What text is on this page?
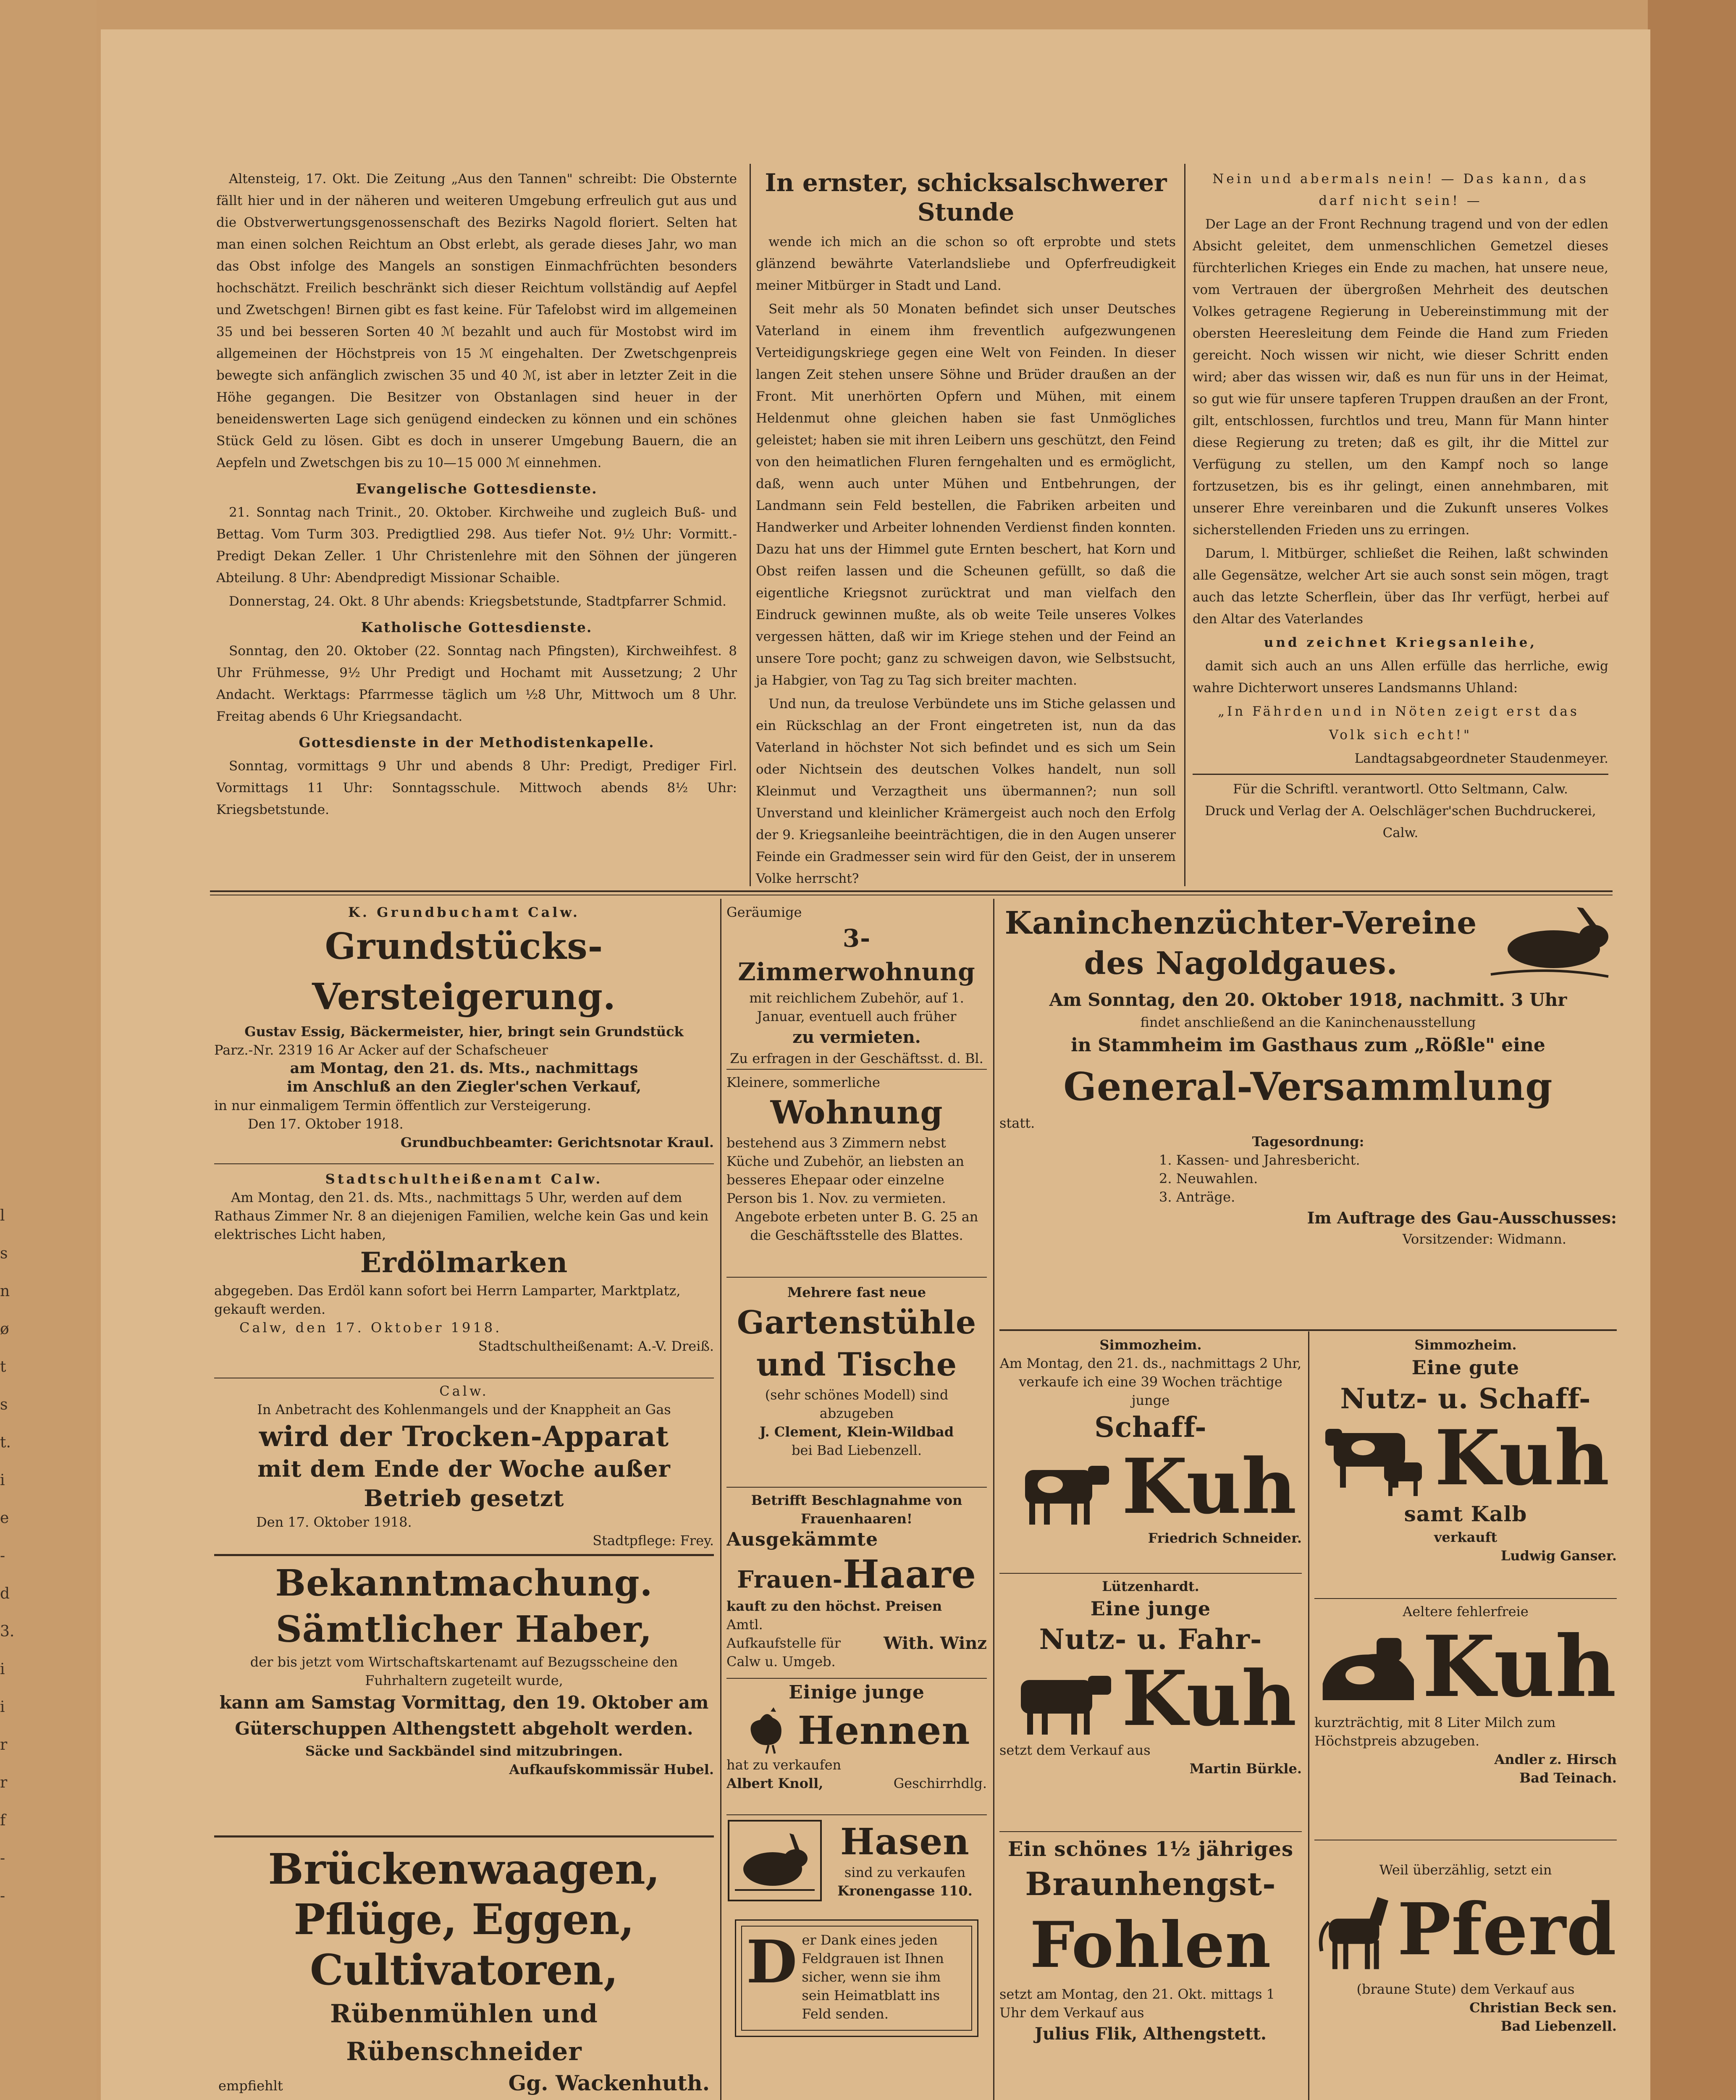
l
s
n
ø
t
s
t.
i
e
-
d
3.
i
i
r
r
f
-
-

Altensteig, 17. Okt. Die Zeitung „Aus den Tannen" schreibt: Die Obsternte fällt hier und in der näheren und weiteren Umgebung erfreulich gut aus und die Obstverwertungsgenossenschaft des Bezirks Nagold floriert. Selten hat man einen solchen Reichtum an Obst erlebt, als gerade dieses Jahr, wo man das Obst infolge des Mangels an sonstigen Einmachfrüchten besonders hochschätzt. Freilich beschränkt sich dieser Reichtum vollständig auf Aepfel und Zwetschgen! Birnen gibt es fast keine. Für Tafelobst wird im allgemeinen 35 und bei besseren Sorten 40 ℳ bezahlt und auch für Mostobst wird im allgemeinen der Höchstpreis von 15 ℳ eingehalten. Der Zwetschgenpreis bewegte sich anfänglich zwischen 35 und 40 ℳ, ist aber in letzter Zeit in die Höhe gegangen. Die Besitzer von Obstanlagen sind heuer in der beneidenswerten Lage sich genügend eindecken zu können und ein schönes Stück Geld zu lösen. Gibt es doch in unserer Umgebung Bauern, die an Aepfeln und Zwetschgen bis zu 10—15 000 ℳ einnehmen.

Evangelische Gottesdienste.

21. Sonntag nach Trinit., 20. Oktober. Kirchweihe und zugleich Buß- und Bettag. Vom Turm 303. Predigtlied 298. Aus tiefer Not. 9½ Uhr: Vormitt.-Predigt Dekan Zeller. 1 Uhr Christenlehre mit den Söhnen der jüngeren Abteilung. 8 Uhr: Abendpredigt Missionar Schaible.

Donnerstag, 24. Okt. 8 Uhr abends: Kriegsbetstunde, Stadtpfarrer Schmid.

Katholische Gottesdienste.

Sonntag, den 20. Oktober (22. Sonntag nach Pfingsten), Kirchweihfest. 8 Uhr Frühmesse, 9½ Uhr Predigt und Hochamt mit Aussetzung; 2 Uhr Andacht. Werktags: Pfarrmesse täglich um ½8 Uhr, Mittwoch um 8 Uhr. Freitag abends 6 Uhr Kriegsandacht.

Gottesdienste in der Methodistenkapelle.

Sonntag, vormittags 9 Uhr und abends 8 Uhr: Predigt, Prediger Firl. Vormittags 11 Uhr: Sonntagsschule. Mittwoch abends 8½ Uhr: Kriegsbetstunde.

In ernster, schicksalschwerer Stunde

wende ich mich an die schon so oft erprobte und stets glänzend bewährte Vaterlandsliebe und Opferfreudigkeit meiner Mitbürger in Stadt und Land.

Seit mehr als 50 Monaten befindet sich unser Deutsches Vaterland in einem ihm freventlich aufgezwungenen Verteidigungskriege gegen eine Welt von Feinden. In dieser langen Zeit stehen unsere Söhne und Brüder draußen an der Front. Mit unerhörten Opfern und Mühen, mit einem Heldenmut ohne gleichen haben sie fast Unmögliches geleistet; haben sie mit ihren Leibern uns geschützt, den Feind von den heimatlichen Fluren ferngehalten und es ermöglicht, daß, wenn auch unter Mühen und Entbehrungen, der Landmann sein Feld bestellen, die Fabriken arbeiten und Handwerker und Arbeiter lohnenden Verdienst finden konnten. Dazu hat uns der Himmel gute Ernten beschert, hat Korn und Obst reifen lassen und die Scheunen gefüllt, so daß die eigentliche Kriegsnot zurücktrat und man vielfach den Eindruck gewinnen mußte, als ob weite Teile unseres Volkes vergessen hätten, daß wir im Kriege stehen und der Feind an unsere Tore pocht; ganz zu schweigen davon, wie Selbstsucht, ja Habgier, von Tag zu Tag sich breiter machten.

Und nun, da treulose Verbündete uns im Stiche gelassen und ein Rückschlag an der Front eingetreten ist, nun da das Vaterland in höchster Not sich befindet und es sich um Sein oder Nichtsein des deutschen Volkes handelt, nun soll Kleinmut und Verzagtheit uns übermannen?; nun soll Unverstand und kleinlicher Krämergeist auch noch den Erfolg der 9. Kriegsanleihe beeinträchtigen, die in den Augen unserer Feinde ein Gradmesser sein wird für den Geist, der in unserem Volke herrscht?

Nein und abermals nein! — Das kann, das darf nicht sein! —

Der Lage an der Front Rechnung tragend und von der edlen Absicht geleitet, dem unmenschlichen Gemetzel dieses fürchterlichen Krieges ein Ende zu machen, hat unsere neue, vom Vertrauen der übergroßen Mehrheit des deutschen Volkes getragene Regierung in Uebereinstimmung mit der obersten Heeresleitung dem Feinde die Hand zum Frieden gereicht. Noch wissen wir nicht, wie dieser Schritt enden wird; aber das wissen wir, daß es nun für uns in der Heimat, so gut wie für unsere tapferen Truppen draußen an der Front, gilt, entschlossen, furchtlos und treu, Mann für Mann hinter diese Regierung zu treten; daß es gilt, ihr die Mittel zur Verfügung zu stellen, um den Kampf noch so lange fortzusetzen, bis es ihr gelingt, einen annehmbaren, mit unserer Ehre vereinbaren und die Zukunft unseres Volkes sicherstellenden Frieden uns zu erringen.

Darum, l. Mitbürger, schließet die Reihen, laßt schwinden alle Gegensätze, welcher Art sie auch sonst sein mögen, tragt auch das letzte Scherflein, über das Ihr verfügt, herbei auf den Altar des Vaterlandes

und zeichnet Kriegsanleihe,

damit sich auch an uns Allen erfülle das herrliche, ewig wahre Dichterwort unseres Landsmanns Uhland:

„In Fährden und in Nöten zeigt erst das

Volk sich echt!"

Landtagsabgeordneter Staudenmeyer.

Für die Schriftl. verantwortl. Otto Seltmann, Calw.
Druck und Verlag der A. Oelschläger'schen Buchdruckerei, Calw.
K. Grundbuchamt Calw.
Grundstücks-Versteigerung.
Gustav Essig, Bäckermeister, hier, bringt sein Grundstück
Parz.-Nr. 2319 16 Ar Acker auf der Schafscheuer
am Montag, den 21. ds. Mts., nachmittags
im Anschluß an den Ziegler'schen Verkauf,
in nur einmaligem Termin öffentlich zur Versteigerung.
Den 17. Oktober 1918.
Grundbuchbeamter: Gerichtsnotar Kraul.
Stadtschultheißenamt Calw.
Am Montag, den 21. ds. Mts., nachmittags 5 Uhr, werden auf dem Rathaus Zimmer Nr. 8 an diejenigen Familien, welche kein Gas und kein elektrisches Licht haben,
Erdölmarken
abgegeben. Das Erdöl kann sofort bei Herrn Lamparter, Marktplatz, gekauft werden.
Calw, den 17. Oktober 1918.
Stadtschultheißenamt: A.-V. Dreiß.
Calw.
In Anbetracht des Kohlenmangels und der Knappheit an Gas
wird der Trocken-Apparat
mit dem Ende der Woche außer Betrieb gesetzt
Den 17. Oktober 1918.
Stadtpflege: Frey.
Bekanntmachung.
Sämtlicher Haber,
der bis jetzt vom Wirtschaftskartenamt auf Bezugsscheine den Fuhrhaltern zugeteilt wurde,
kann am Samstag Vormittag, den 19. Oktober am
Güterschuppen Althengstett abgeholt werden.
Säcke und Sackbändel sind mitzubringen.
Aufkaufskommissär Hubel.
Brückenwaagen,
Pflüge, Eggen,
Cultivatoren,
Rübenmühlen und Rübenschneider
empfiehlt	Gg. Wackenhuth.
Geräumige
3-Zimmerwohnung
mit reichlichem Zubehör, auf 1. Januar, eventuell auch früher
zu vermieten.
Zu erfragen in der Geschäftsst. d. Bl.
Kleinere, sommerliche
Wohnung
bestehend aus 3 Zimmern nebst Küche und Zubehör, an liebsten an besseres Ehepaar oder einzelne Person bis 1. Nov. zu vermieten.
Angebote erbeten unter B. G. 25 an die Geschäftsstelle des Blattes.
Mehrere fast neue
Gartenstühle
und Tische
(sehr schönes Modell) sind abzugeben
J. Clement, Klein-Wildbad
bei Bad Liebenzell.
Betrifft Beschlagnahme von Frauenhaaren!
Ausgekämmte
Frauen- Haare
kauft zu den höchst. Preisen
Amtl. Aufkaufstelle für Calw u. Umgeb.
With. Winz
Einige junge
Hennen
hat zu verkaufen
Albert Knoll,	Geschirrhdlg.
Hasen
sind zu verkaufen
Kronengasse 110.
D er Dank eines jeden Feldgrauen ist Ihnen sicher, wenn sie ihm sein Heimatblatt ins Feld senden.
Kaninchenzüchter-Vereine
des Nagoldgaues.
Am Sonntag, den 20. Oktober 1918, nachmitt. 3 Uhr
findet anschließend an die Kaninchenausstellung
in Stammheim im Gasthaus zum „Rößle" eine
General-Versammlung
statt.
Tagesordnung:
1. Kassen- und Jahresbericht.
2. Neuwahlen.
3. Anträge.
Im Auftrage des Gau-Ausschusses:
Vorsitzender: Widmann.
Simmozheim.
Am Montag, den 21. ds., nachmittags 2 Uhr, verkaufe ich eine 39 Wochen trächtige junge
Schaff-
Kuh
Friedrich Schneider.
Simmozheim.
Eine gute
Nutz- u. Schaff-
Kuh
samt Kalb
verkauft
Ludwig Ganser.
Lützenhardt.
Eine junge
Nutz- u. Fahr-
Kuh
setzt dem Verkauf aus
Martin Bürkle.
Aeltere fehlerfreie
Kuh
kurzträchtig, mit 8 Liter Milch zum Höchstpreis abzugeben.
Andler z. Hirsch
Bad Teinach.
Ein schönes 1½ jähriges
Braunhengst-
Fohlen
setzt am Montag, den 21. Okt. mittags 1 Uhr dem Verkauf aus
Julius Flik, Althengstett.
Weil überzählig, setzt ein
Pferd
(braune Stute) dem Verkauf aus
Christian Beck sen.
Bad Liebenzell.
